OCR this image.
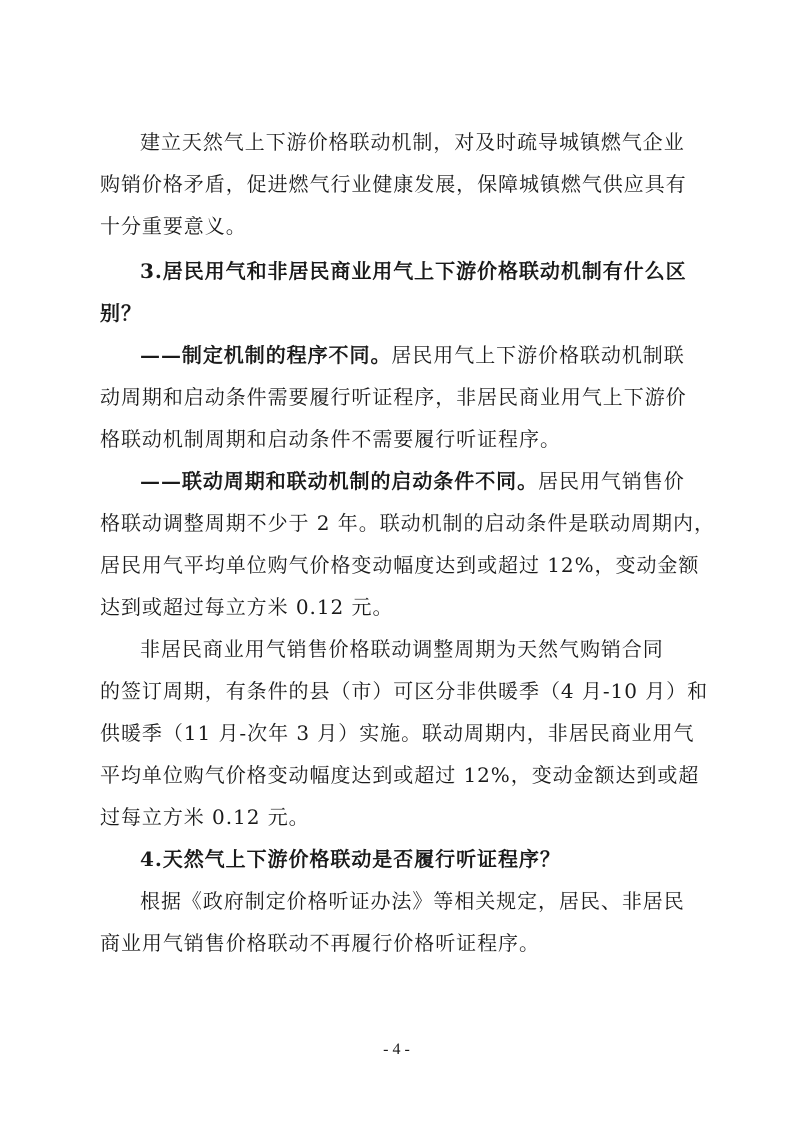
建立天然气上下游价格联动机制，对及时疏导城镇燃气企业
购销价格矛盾，促进燃气行业健康发展，保障城镇燃气供应具有
十分重要意义。
3.居民用气和非居民商业用气上下游价格联动机制有什么区
别？
——制定机制的程序不同。居民用气上下游价格联动机制联
动周期和启动条件需要履行听证程序，非居民商业用气上下游价
格联动机制周期和启动条件不需要履行听证程序。
——联动周期和联动机制的启动条件不同。居民用气销售价
格联动调整周期不少于 2 年。联动机制的启动条件是联动周期内，
居民用气平均单位购气价格变动幅度达到或超过 12%，变动金额
达到或超过每立方米 0.12 元。
非居民商业用气销售价格联动调整周期为天然气购销合同
的签订周期，有条件的县（市）可区分非供暖季（4 月-10 月）和
供暖季（11 月-次年 3 月）实施。联动周期内，非居民商业用气
平均单位购气价格变动幅度达到或超过 12%，变动金额达到或超
过每立方米 0.12 元。
4.天然气上下游价格联动是否履行听证程序？
根据《政府制定价格听证办法》等相关规定，居民、非居民
商业用气销售价格联动不再履行价格听证程序。
- 4 -
